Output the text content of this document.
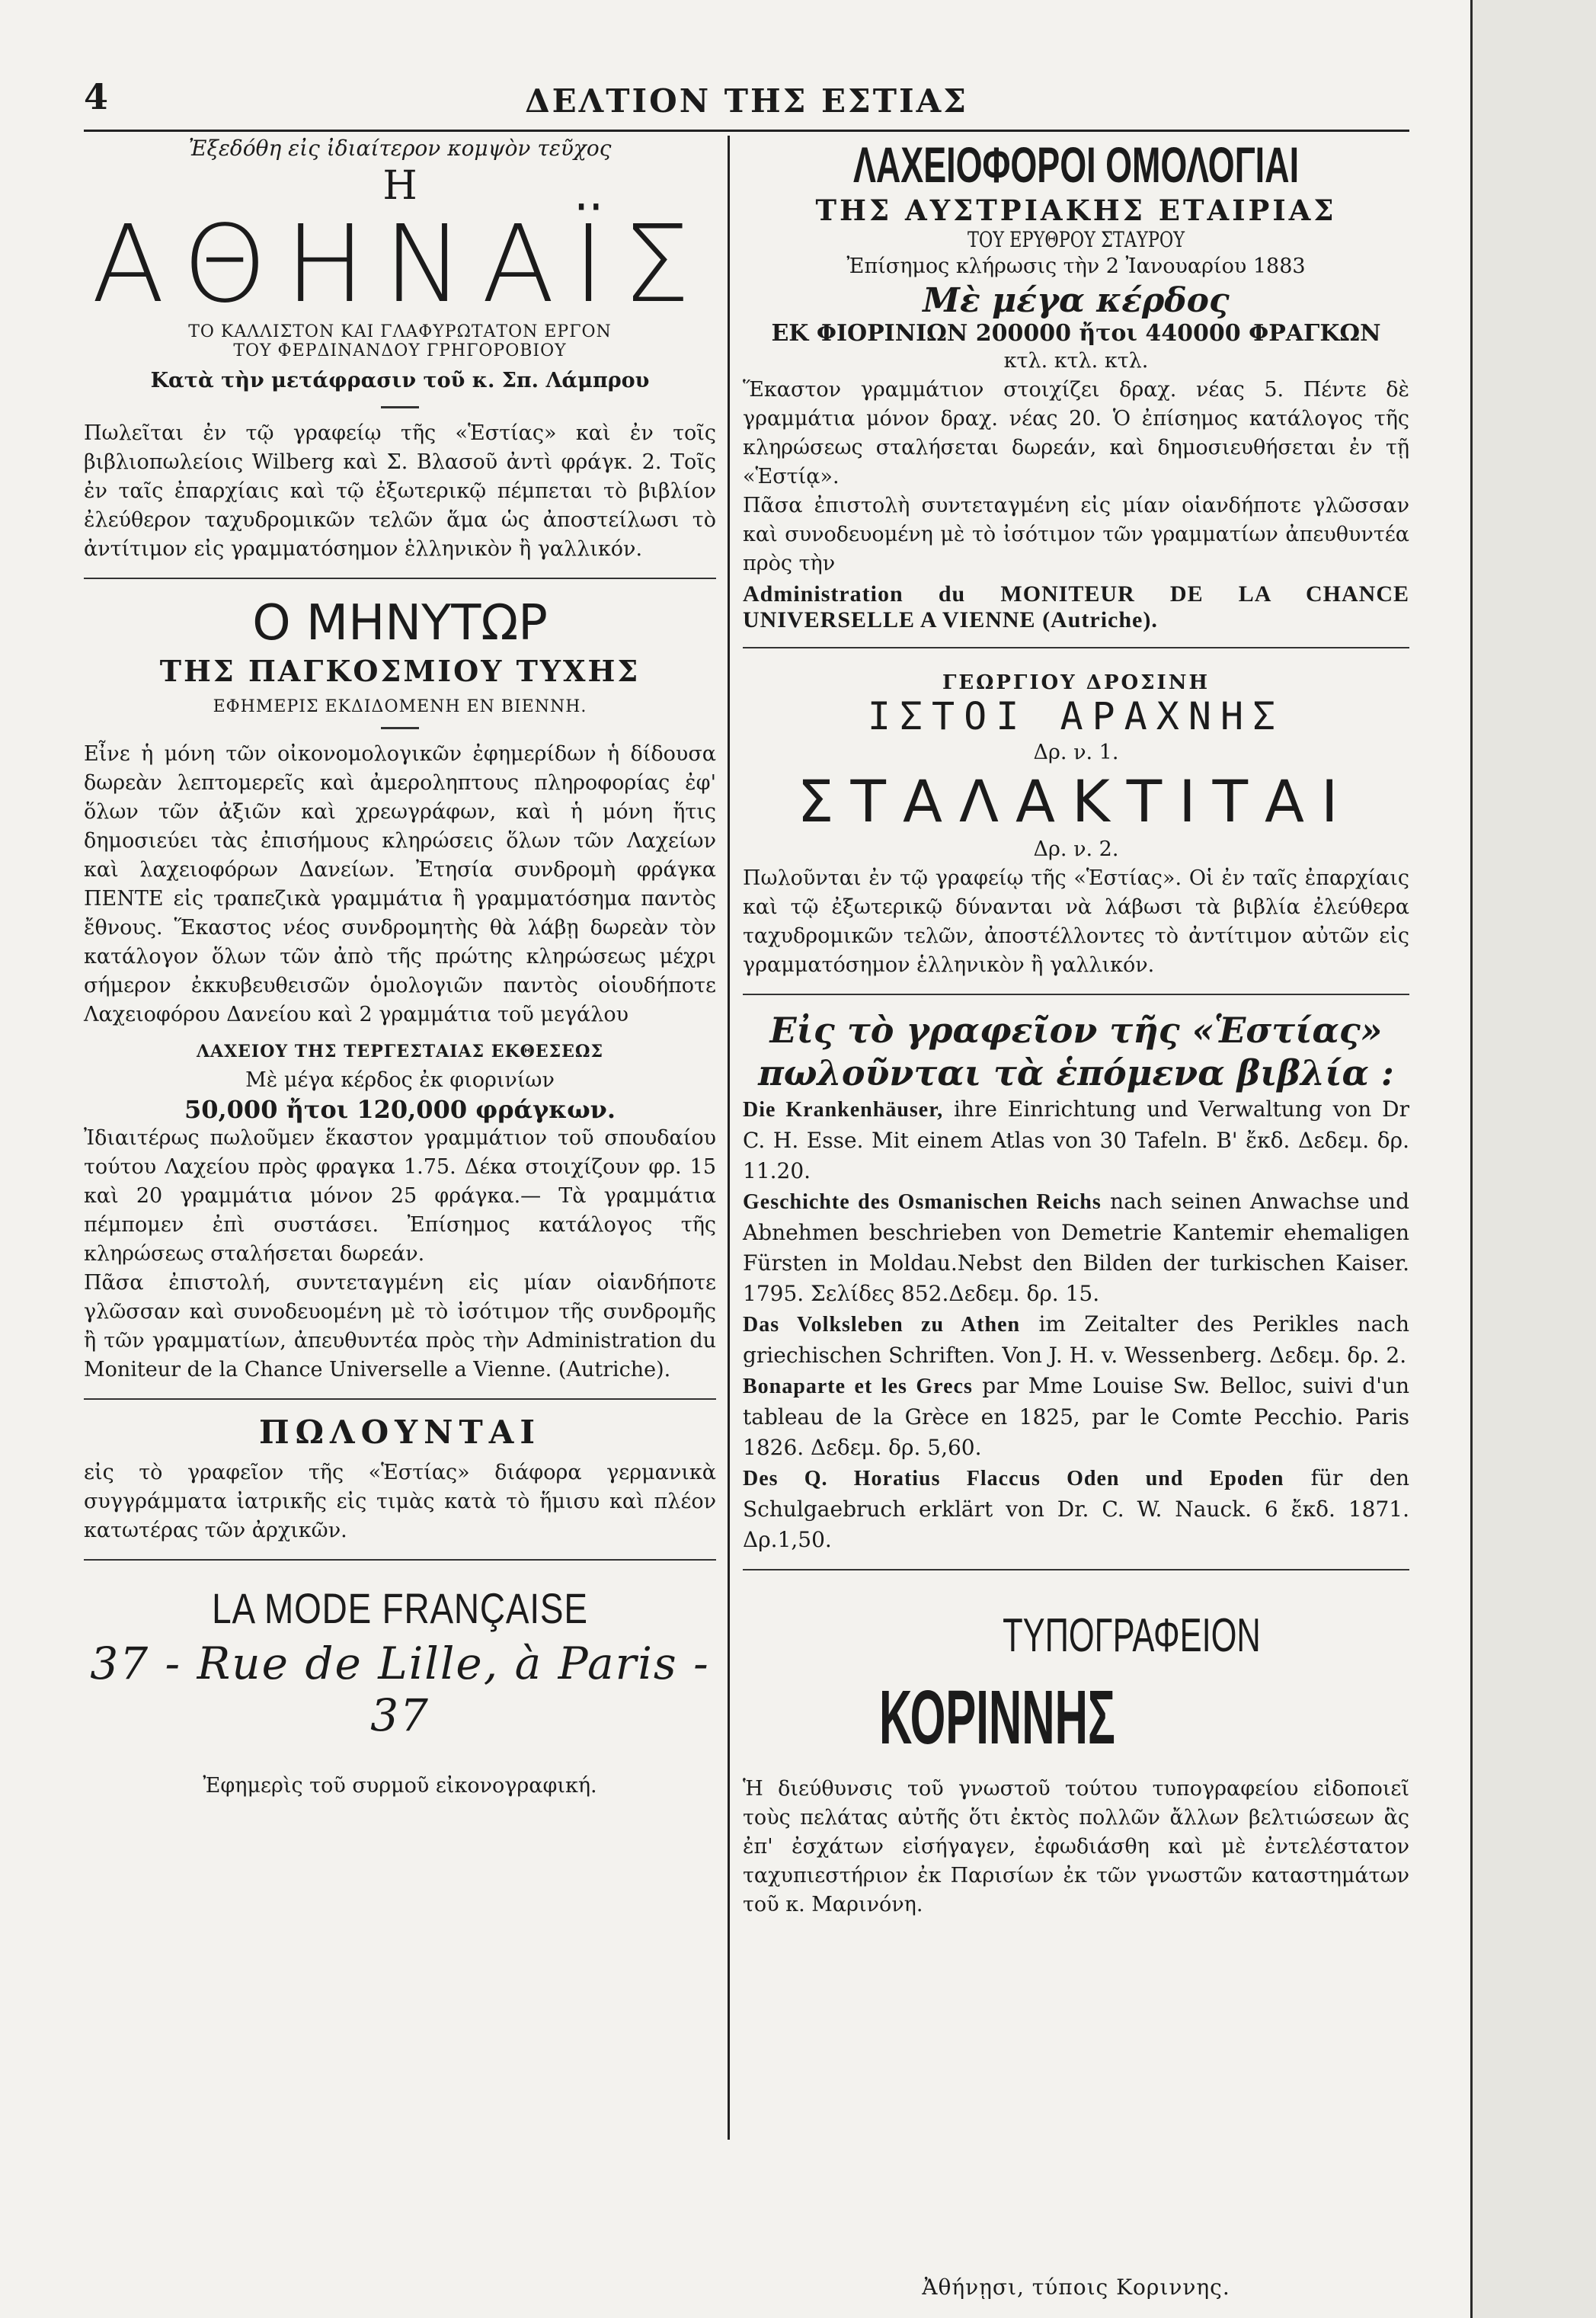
4	ΔΕΛΤΙΟΝ ΤΗΣ ΕΣΤΙΑΣ
Ἐξεδόθη εἰς ἰδιαίτερον κομψὸν τεῦχος
Η
ΑΘΗΝΑΪΣ
ΤΟ ΚΑΛΛΙΣΤΟΝ ΚΑΙ ΓΛΑΦΥΡΩΤΑΤΟΝ ΕΡΓΟΝ
ΤΟΥ ΦΕΡΔΙΝΑΝΔΟΥ ΓΡΗΓΟΡΟΒΙΟΥ
Κατὰ τὴν μετάφρασιν τοῦ κ. Σπ. Λάμπρου

Πωλεῖται ἐν τῷ γραφείῳ τῆς «Ἑστίας» καὶ ἐν τοῖς βιβλιοπωλείοις Wilberg καὶ Σ. Βλασοῦ ἀντὶ φράγκ. 2. Τοῖς ἐν ταῖς ἐπαρχίαις καὶ τῷ ἐξωτερικῷ πέμπεται τὸ βιβλίον ἐλεύθερον ταχυδρομικῶν τελῶν ἅμα ὡς ἀποστείλωσι τὸ ἀντίτιμον εἰς γραμματόσημον ἑλληνικὸν ἢ γαλλικόν.

Ο ΜΗΝΥΤΩΡ
ΤΗΣ ΠΑΓΚΟΣΜΙΟΥ ΤΥΧΗΣ
ΕΦΗΜΕΡΙΣ ΕΚΔΙΔΟΜΕΝΗ ΕΝ ΒΙΕΝΝΗ.

Εἶνε ἡ μόνη τῶν οἰκονομολογικῶν ἐφημερίδων ἡ δίδουσα δωρεὰν λεπτομερεῖς καὶ ἀμεροληπτους πληροφορίας ἐφ' ὅλων τῶν ἀξιῶν καὶ χρεωγράφων, καὶ ἡ μόνη ἥτις δημοσιεύει τὰς ἐπισήμους κληρώσεις ὅλων τῶν Λαχείων καὶ λαχειοφόρων Δανείων. Ἐτησία συνδρομὴ φράγκα ΠΕΝΤΕ εἰς τραπεζικὰ γραμμάτια ἢ γραμματόσημα παντὸς ἔθνους. Ἕκαστος νέος συνδρομητὴς θὰ λάβῃ δωρεὰν τὸν κατάλογον ὅλων τῶν ἀπὸ τῆς πρώτης κληρώσεως μέχρι σήμερον ἐκκυβευθεισῶν ὁμολογιῶν παντὸς οἱουδήποτε Λαχειοφόρου Δανείου καὶ 2 γραμμάτια τοῦ μεγάλου

ΛΑΧΕΙΟΥ ΤΗΣ ΤΕΡΓΕΣΤΑΙΑΣ ΕΚΘΕΣΕΩΣ
Μὲ μέγα κέρδος ἐκ φιορινίων
50,000 ἤτοι 120,000 φράγκων.

Ἰδιαιτέρως πωλοῦμεν ἕκαστον γραμμάτιον τοῦ σπουδαίου τούτου Λαχείου πρὸς φραγκα 1.75. Δέκα στοιχίζουν φρ. 15 καὶ 20 γραμμάτια μόνον 25 φράγκα.— Τὰ γραμμάτια πέμπομεν ἐπὶ συστάσει. Ἐπίσημος κατάλογος τῆς κληρώσεως σταλήσεται δωρεάν.

Πᾶσα ἐπιστολή, συντεταγμένη εἰς μίαν οἱανδήποτε γλῶσσαν καὶ συνοδευομένη μὲ τὸ ἰσότιμον τῆς συνδρομῆς ἢ τῶν γραμματίων, ἀπευθυντέα πρὸς τὴν Administration du Moniteur de la Chance Universelle a Vienne. (Autriche).

ΠΩΛΟΥΝΤΑΙ

εἰς τὸ γραφεῖον τῆς «Ἑστίας» διάφορα γερμανικὰ συγγράμματα ἰατρικῆς εἰς τιμὰς κατὰ τὸ ἥμισυ καὶ πλέον κατωτέρας τῶν ἀρχικῶν.

LA MODE FRANÇAISE
37 - Rue de Lille, à Paris - 37
Ἐφημερὶς τοῦ συρμοῦ εἰκονογραφική.
ΛΑΧΕΙΟΦΟΡΟΙ ΟΜΟΛΟΓΙΑΙ
ΤΗΣ ΑΥΣΤΡΙΑΚΗΣ ΕΤΑΙΡΙΑΣ
ΤΟΥ ΕΡΥΘΡΟΥ ΣΤΑΥΡΟΥ
Ἐπίσημος κλήρωσις τὴν 2 Ἰανουαρίου 1883
Μὲ μέγα κέρδος
ΕΚ ΦΙΟΡΙΝΙΩΝ 200000 ἤτοι 440000 ΦΡΑΓΚΩΝ
κτλ. κτλ. κτλ.

Ἕκαστον γραμμάτιον στοιχίζει δραχ. νέας 5. Πέντε δὲ γραμμάτια μόνον δραχ. νέας 20. Ὁ ἐπίσημος κατάλογος τῆς κληρώσεως σταλήσεται δωρεάν, καὶ δημοσιευθήσεται ἐν τῇ «Ἑστίᾳ».

Πᾶσα ἐπιστολὴ συντεταγμένη εἰς μίαν οἱανδήποτε γλῶσσαν καὶ συνοδευομένη μὲ τὸ ἰσότιμον τῶν γραμματίων ἀπευθυντέα πρὸς τὴν

Administration du MONITEUR DE LA CHANCE UNIVERSELLE A VIENNE (Autriche).

ΓΕΩΡΓΙΟΥ ΔΡΟΣΙΝΗ
ΙΣΤΟΙ ΑΡΑΧΝΗΣ
Δρ. ν. 1.
ΣΤΑΛΑΚΤΙΤΑΙ
Δρ. ν. 2.

Πωλοῦνται ἐν τῷ γραφείῳ τῆς «Ἑστίας». Οἱ ἐν ταῖς ἐπαρχίαις καὶ τῷ ἐξωτερικῷ δύνανται νὰ λάβωσι τὰ βιβλία ἐλεύθερα ταχυδρομικῶν τελῶν, ἀποστέλλοντες τὸ ἀντίτιμον αὐτῶν εἰς γραμματόσημον ἑλληνικὸν ἢ γαλλικόν.

Εἰς τὸ γραφεῖον τῆς «Ἑστίας» πωλοῦνται τὰ ἑπόμενα βιβλία :

Die Krankenhäuser, ihre Einrichtung und Verwaltung von Dr C. H. Esse. Mit einem Atlas von 30 Tafeln. Β' ἔκδ. Δεδεμ. δρ. 11.20.

Geschichte des Osmanischen Reichs nach seinen Anwachse und Abnehmen beschrieben von Demetrie Kantemir ehemaligen Fürsten in Moldau.Nebst den Bilden der turkischen Kaiser. 1795. Σελίδες 852.Δεδεμ. δρ. 15.

Das Volksleben zu Athen im Zeitalter des Perikles nach griechischen Schriften. Von J. H. v. Wessenberg. Δεδεμ. δρ. 2.

Bonaparte et les Grecs par Mme Louise Sw. Belloc, suivi d'un tableau de la Grèce en 1825, par le Comte Pecchio. Paris 1826. Δεδεμ. δρ. 5,60.

Des Q. Horatius Flaccus Oden und Epoden für den Schulgaebruch erklärt von Dr. C. W. Nauck. 6 ἔκδ. 1871. Δρ.1,50.

ΤΥΠΟΓΡΑΦΕΙΟΝ ΚΟΡΙΝΝΗΣ

Ἡ διεύθυνσις τοῦ γνωστοῦ τούτου τυπογραφείου εἰδοποιεῖ τοὺς πελάτας αὐτῆς ὅτι ἐκτὸς πολλῶν ἄλλων βελτιώσεων ἃς ἐπ' ἐσχάτων εἰσήγαγεν, ἐφωδιάσθη καὶ μὲ ἐντελέστατον ταχυπιεστήριον ἐκ Παρισίων ἐκ τῶν γνωστῶν καταστημάτων τοῦ κ. Μαρινόνη.

Ἀθήνῃσι, τύποις Κοριννης.
